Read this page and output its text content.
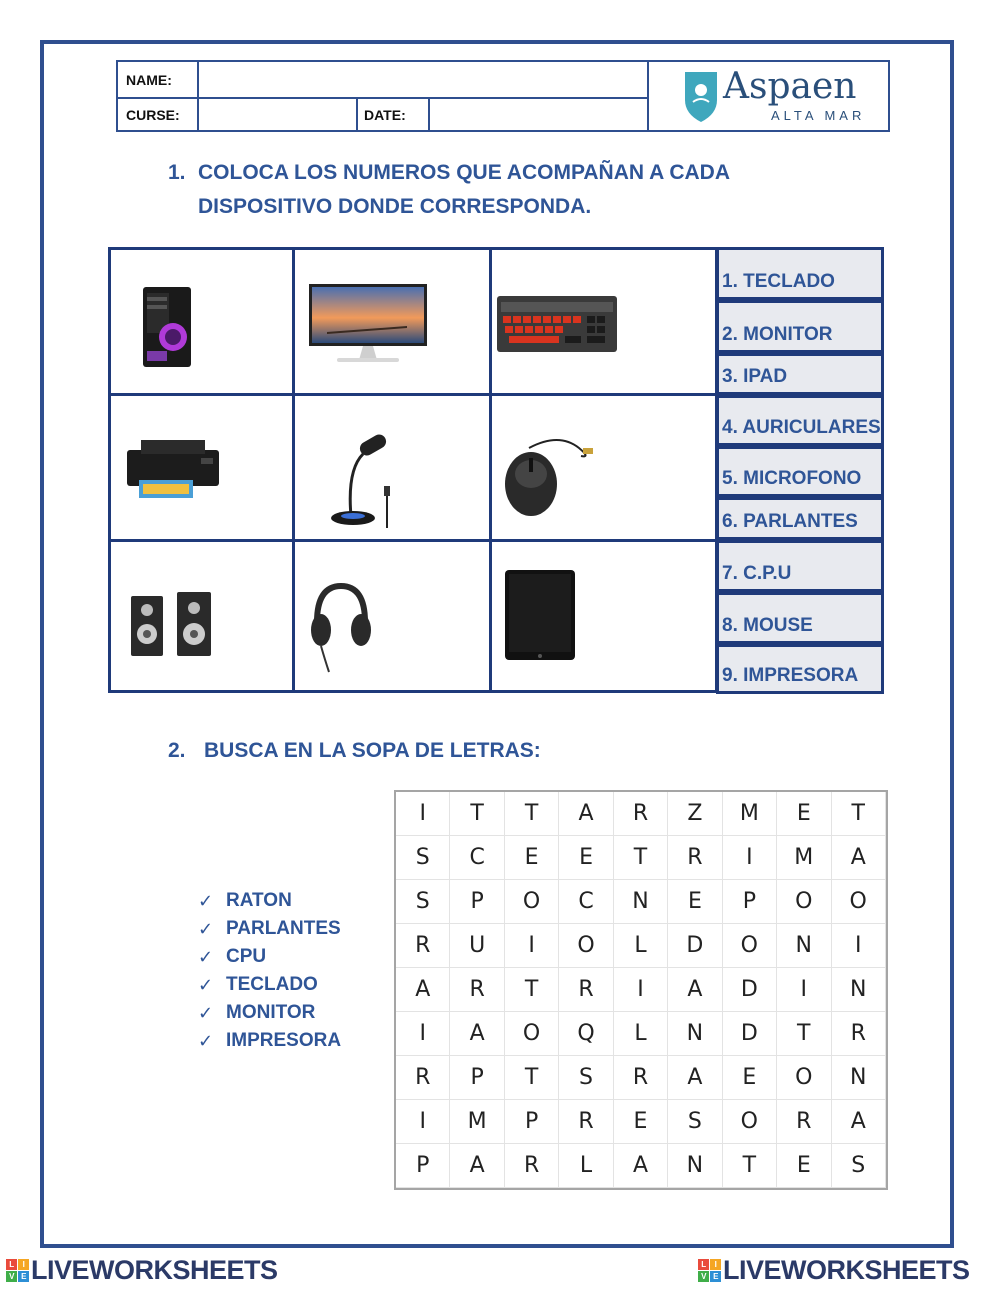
NAME:
CURSE:	DATE:
Aspaen
ALTA MAR
1. COLOCA LOS NUMEROS QUE ACOMPAÑAN A CADA
DISPOSITIVO DONDE CORRESPONDA.
1. TECLADO
2. MONITOR
3. IPAD
4. AURICULARES
5. MICROFONO
6. PARLANTES
7. C.P.U
8. MOUSE
9. IMPRESORA
2. BUSCA EN LA SOPA DE LETRAS:
✓ RATON
✓ PARLANTES
✓ CPU
✓ TECLADO
✓ MONITOR
✓ IMPRESORA
I	T	T	A	R	Z	M	E	T
S	C	E	E	T	R	I	M	A
S	P	O	C	N	E	P	O	O
R	U	I	O	L	D	O	N	I
A	R	T	R	I	A	D	I	N
I	A	O	Q	L	N	D	T	R
R	P	T	S	R	A	E	O	N
I	M	P	R	E	S	O	R	A
P	A	R	L	A	N	T	E	S
L	I
V E LIVEWORKSHEETS	L	I
V E LIVEWORKSHEETS
